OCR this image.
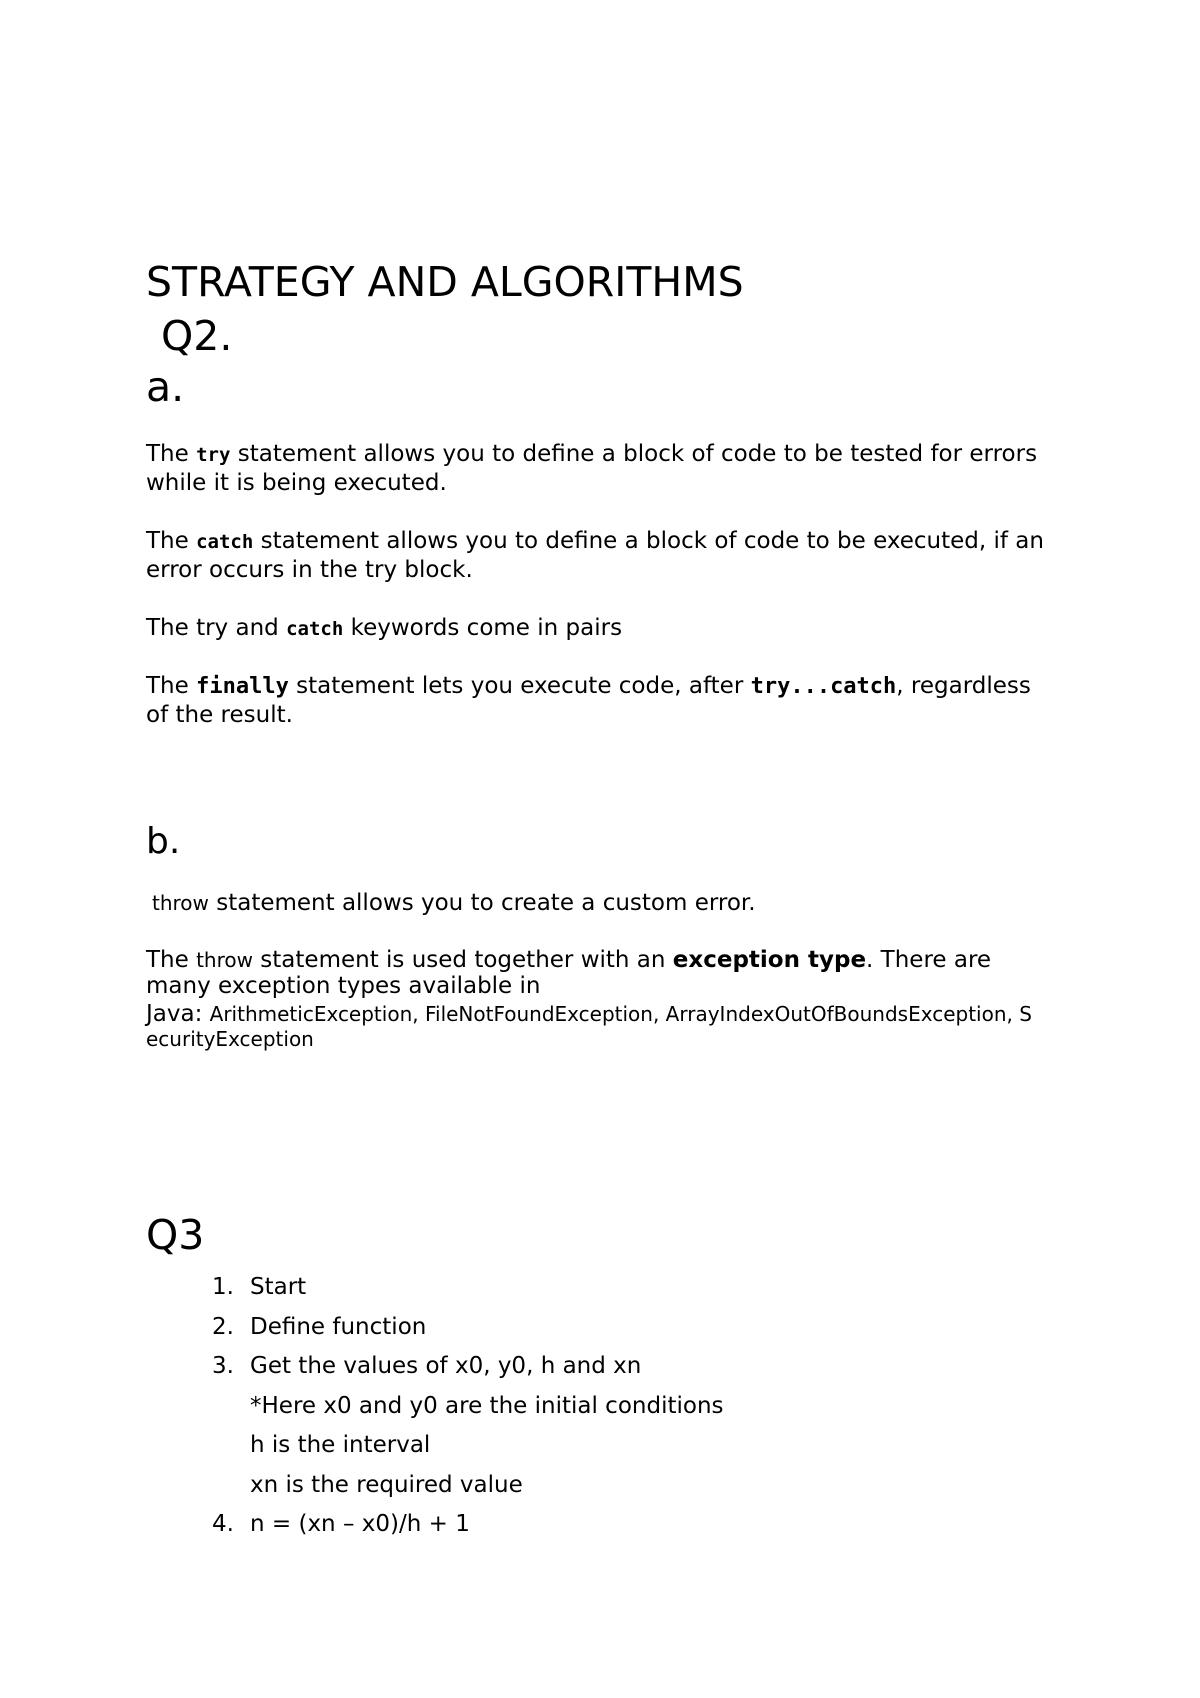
STRATEGY AND ALGORITHMS
Q2.
a.
The try statement allows you to define a block of code to be tested for errors
while it is being executed.
The catch statement allows you to define a block of code to be executed, if an
error occurs in the try block.
The try and catch keywords come in pairs
The finally statement lets you execute code, after try...catch, regardless
of the result.
b.
throw statement allows you to create a custom error.
The throw statement is used together with an exception type. There are
many exception types available in
Java: ArithmeticException, FileNotFoundException, ArrayIndexOutOfBoundsException, S
ecurityException
Q3
1. Start
2. Define function
3. Get the values of x0, y0, h and xn
*Here x0 and y0 are the initial conditions
h is the interval
xn is the required value
4. n = (xn – x0)/h + 1
